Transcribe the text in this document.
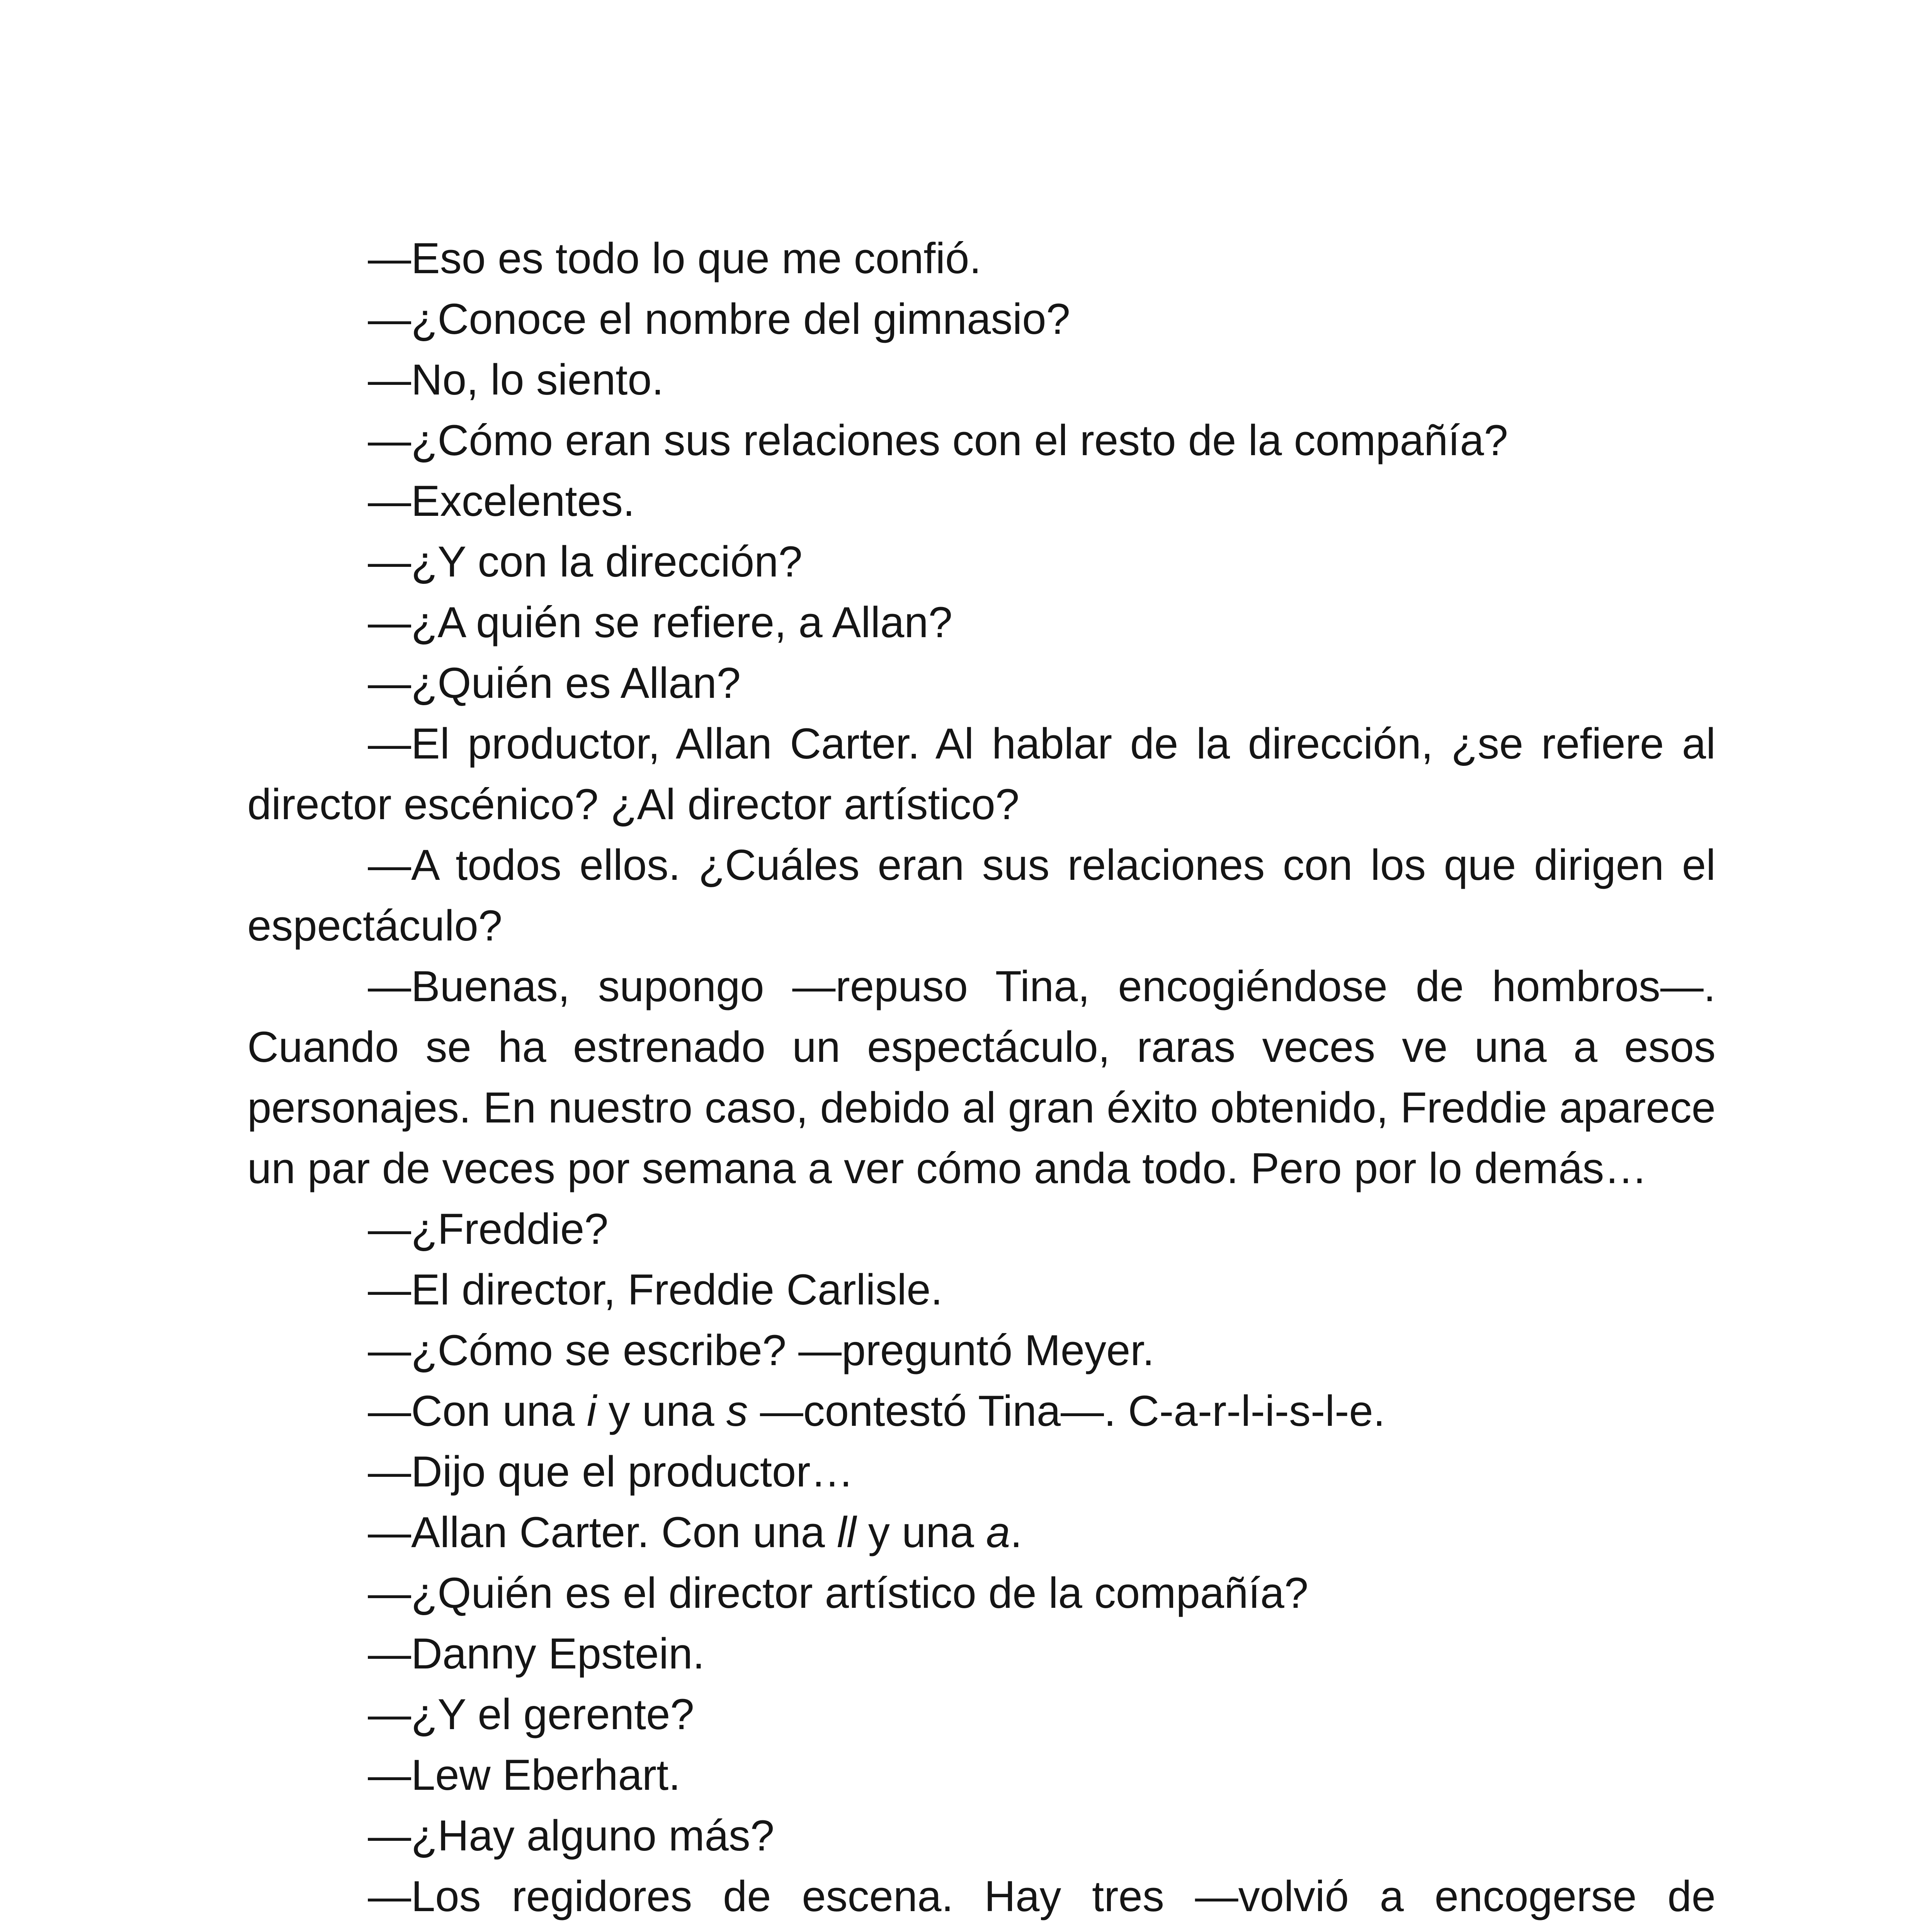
—Eso es todo lo que me confió.

—¿Conoce el nombre del gimnasio?

—No, lo siento.

—¿Cómo eran sus relaciones con el resto de la compañía?

—Excelentes.

—¿Y con la dirección?

—¿A quién se refiere, a Allan?

—¿Quién es Allan?

—El productor, Allan Carter. Al hablar de la dirección, ¿se refiere al director escénico? ¿Al director artístico?

—A todos ellos. ¿Cuáles eran sus relaciones con los que dirigen el espectáculo?

—Buenas, supongo —repuso Tina, encogiéndose de hombros—. Cuando se ha estrenado un espectáculo, raras veces ve una a esos personajes. En nuestro caso, debido al gran éxito obtenido, Freddie aparece un par de veces por semana a ver cómo anda todo. Pero por lo demás…

—¿Freddie?

—El director, Freddie Carlisle.

—¿Cómo se escribe? —preguntó Meyer.

—Con una i y una s —contestó Tina—. C-a-r-l-i-s-l-e.

—Dijo que el productor…

—Allan Carter. Con una ll y una a.

—¿Quién es el director artístico de la compañía?

—Danny Epstein.

—¿Y el gerente?

—Lew Eberhart.

—¿Hay alguno más?

—Los regidores de escena. Hay tres —volvió a encogerse de
